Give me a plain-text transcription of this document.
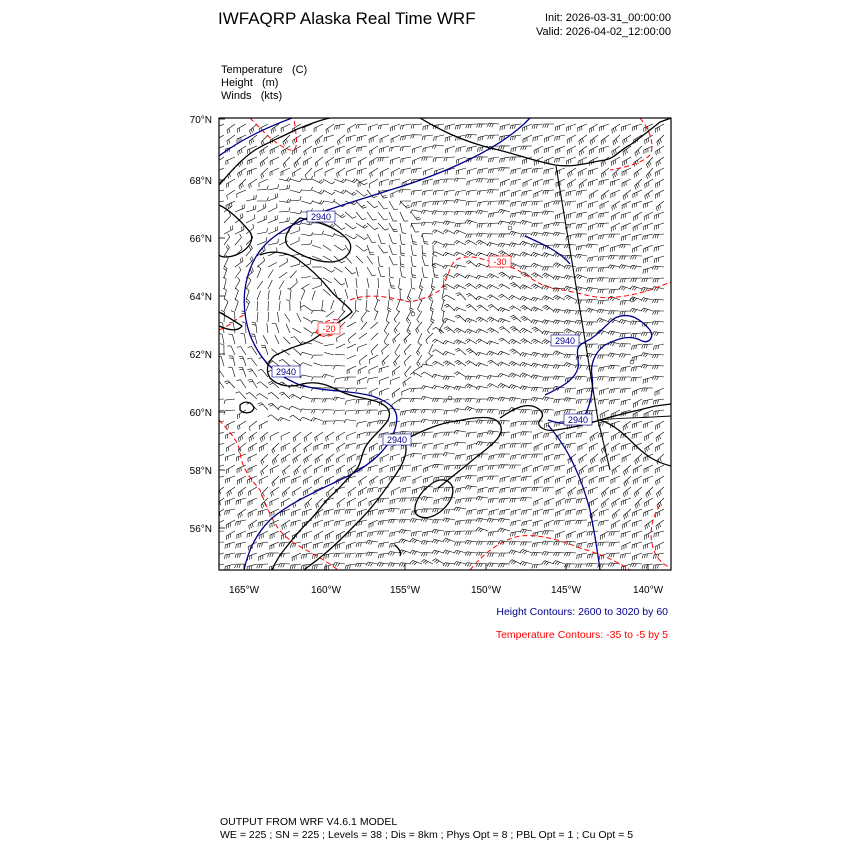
IWFAQRP Alaska Real Time WRF	Init: 2026-03-31_00:00:00
Valid: 2026-04-02_12:00:00
Temperature (C)
Height (m)
Winds (kts)
2940
2940
2940
2940
2940
-20
-30
70°N
68°N
66°N
64°N
62°N
60°N
58°N
56°N
165°W	160°W	155°W	150°W	145°W	140°W
Height Contours: 2600 to 3020 by 60
Temperature Contours: -35 to -5 by 5
OUTPUT FROM WRF V4.6.1 MODEL
WE = 225 ; SN = 225 ; Levels = 38 ; Dis = 8km ; Phys Opt = 8 ; PBL Opt = 1 ; Cu Opt = 5
